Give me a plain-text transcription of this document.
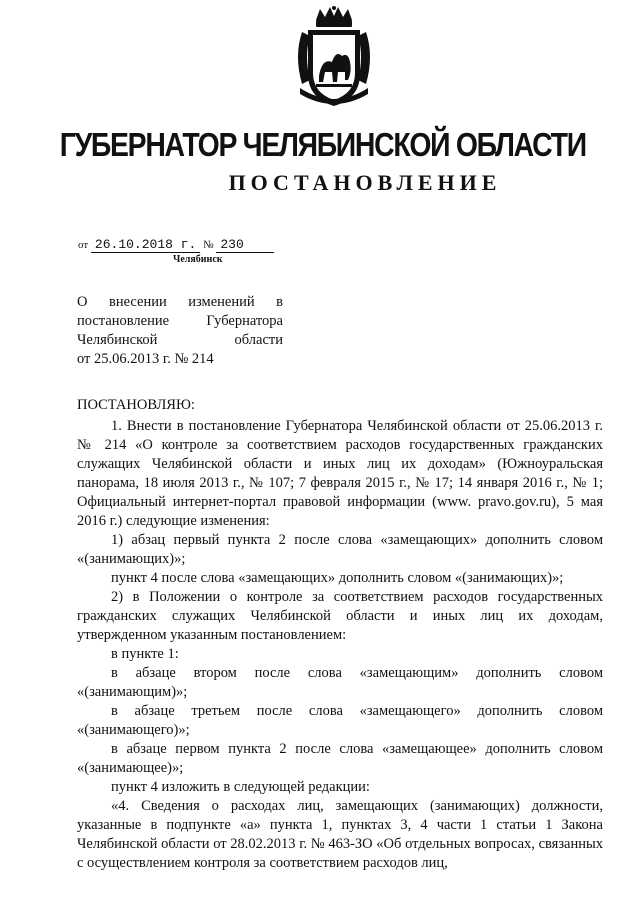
ГУБЕРНАТОР ЧЕЛЯБИНСКОЙ ОБЛАСТИ
ПОСТАНОВЛЕНИЕ
от 26.10.2018 г. № 230
Челябинск
О внесении изменений в
постановление Губернатора
Челябинской области
от 25.06.2013 г. № 214

ПОСТАНОВЛЯЮ:

1. Внести в постановление Губернатора Челябинской области от 25.06.2013 г. № 214 «О контроле за соответствием расходов государственных гражданских служащих Челябинской области и иных лиц их доходам» (Южноуральская панорама, 18 июля 2013 г., № 107; 7 февраля 2015 г., № 17; 14 января 2016 г., № 1; Официальный интернет-портал правовой информации (www. pravo.gov.ru), 5 мая 2016 г.) следующие изменения:

1) абзац первый пункта 2 после слова «замещающих» дополнить словом «(занимающих)»;

пункт 4 после слова «замещающих» дополнить словом «(занимающих)»;

2) в Положении о контроле за соответствием расходов государственных гражданских служащих Челябинской области и иных лиц их доходам, утвержденном указанным постановлением:

в пункте 1:

в абзаце втором после слова «замещающим» дополнить словом «(занимающим)»;

в абзаце третьем после слова «замещающего» дополнить словом «(занимающего)»;

в абзаце первом пункта 2 после слова «замещающее» дополнить словом «(занимающее)»;

пункт 4 изложить в следующей редакции:

«4. Сведения о расходах лиц, замещающих (занимающих) должности, указанные в подпункте «а» пункта 1, пунктах 3, 4 части 1 статьи 1 Закона Челябинской области от 28.02.2013 г. № 463-ЗО «Об отдельных вопросах, связанных с осуществлением контроля за соответствием расходов лиц,
